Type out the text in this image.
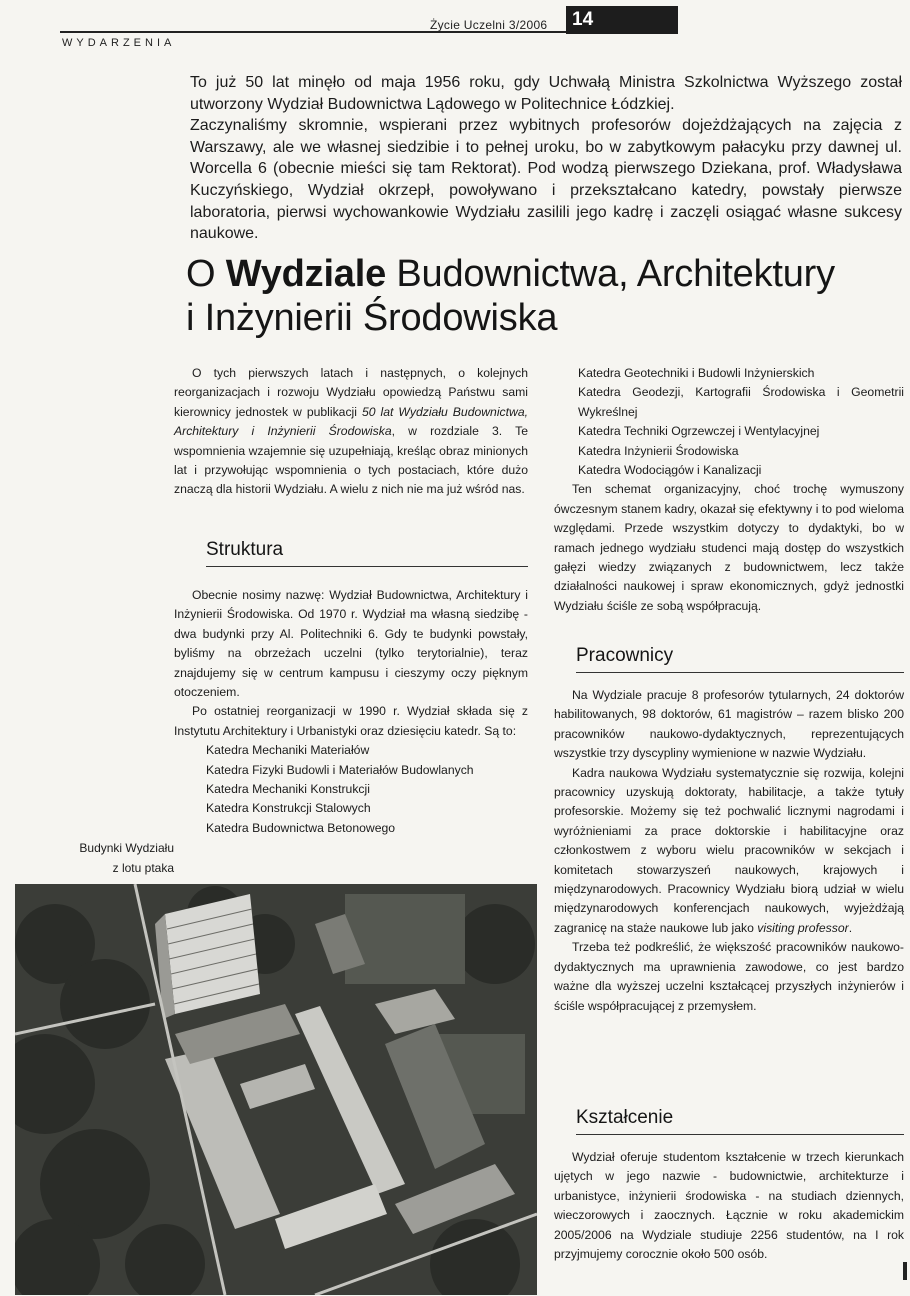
WYDARZENIA
Życie Uczelni 3/2006	14

To już 50 lat minęło od maja 1956 roku, gdy Uchwałą Ministra Szkolnictwa Wyższego został utworzony Wydział Budownictwa Lądowego w Politechnice Łódzkiej.

Zaczynaliśmy skromnie, wspierani przez wybitnych profesorów dojeżdżających na zajęcia z Warszawy, ale we własnej siedzibie i to pełnej uroku, bo w zabytkowym pałacyku przy dawnej ul. Worcella 6 (obecnie mieści się tam Rektorat). Pod wodzą pierwszego Dziekana, prof. Władysława Kuczyńskiego, Wydział okrzepł, powoływano i przekształcano katedry, powstały pierwsze laboratoria, pierwsi wychowankowie Wydziału zasilili jego kadrę i zaczęli osiągać własne sukcesy naukowe.

O Wydziale Budownictwa, Architektury
i Inżynierii Środowiska

O tych pierwszych latach i następnych, o kolejnych reorganizacjach i rozwoju Wydziału opowiedzą Państwu sami kierownicy jednostek w publikacji 50 lat Wydziału Budownictwa, Architektury i Inżynierii Środowiska, w rozdziale 3. Te wspomnienia wzajemnie się uzupełniają, kreśląc obraz minionych lat i przywołując wspomnienia o tych postaciach, które dużo znaczą dla historii Wydziału. A wielu z nich nie ma już wśród nas.

Struktura

Obecnie nosimy nazwę: Wydział Budownictwa, Architektury i Inżynierii Środowiska. Od 1970 r. Wydział ma własną siedzibę - dwa budynki przy Al. Politechniki 6. Gdy te budynki powstały, byliśmy na obrzeżach uczelni (tylko terytorialnie), teraz znajdujemy się w centrum kampusu i cieszymy oczy pięknym otoczeniem.

Po ostatniej reorganizacji w 1990 r. Wydział składa się z Instytutu Architektury i Urbanistyki oraz dziesięciu katedr. Są to:

Katedra Mechaniki Materiałów
Katedra Fizyki Budowli i Materiałów Budowlanych
Katedra Mechaniki Konstrukcji
Katedra Konstrukcji Stalowych
Katedra Budownictwa Betonowego
Budynki Wydziału
z lotu ptaka
Katedra Geotechniki i Budowli Inżynierskich
Katedra Geodezji, Kartografii Środowiska i Geometrii Wykreślnej
Katedra Techniki Ogrzewczej i Wentylacyjnej
Katedra Inżynierii Środowiska
Katedra Wodociągów i Kanalizacji

Ten schemat organizacyjny, choć trochę wymuszony ówczesnym stanem kadry, okazał się efektywny i to pod wieloma względami. Przede wszystkim dotyczy to dydaktyki, bo w ramach jednego wydziału studenci mają dostęp do wszystkich gałęzi wiedzy związanych z budownictwem, lecz także działalności naukowej i spraw ekonomicznych, gdyż jednostki Wydziału ściśle ze sobą współpracują.

Pracownicy

Na Wydziale pracuje 8 profesorów tytularnych, 24 doktorów habilitowanych, 98 doktorów, 61 magistrów – razem blisko 200 pracowników naukowo-dydaktycznych, reprezentujących wszystkie trzy dyscypliny wymienione w nazwie Wydziału.

Kadra naukowa Wydziału systematycznie się rozwija, kolejni pracownicy uzyskują doktoraty, habilitacje, a także tytuły profesorskie. Możemy się też pochwalić licznymi nagrodami i wyróżnieniami za prace doktorskie i habilitacyjne oraz członkostwem z wyboru wielu pracowników w sekcjach i komitetach stowarzyszeń naukowych, krajowych i międzynarodowych. Pracownicy Wydziału biorą udział w wielu międzynarodowych konferencjach naukowych, wyjeżdżają zagranicę na staże naukowe lub jako visiting professor.

Trzeba też podkreślić, że większość pracowników naukowo-dydaktycznych ma uprawnienia zawodowe, co jest bardzo ważne dla wyższej uczelni kształcącej przyszłych inżynierów i ściśle współpracującej z przemysłem.

Kształcenie

Wydział oferuje studentom kształcenie w trzech kierunkach ujętych w jego nazwie - budownictwie, architekturze i urbanistyce, inżynierii środowiska - na studiach dziennych, wieczorowych i zaocznych. Łącznie w roku akademickim 2005/2006 na Wydziale studiuje 2256 studentów, na I rok przyjmujemy corocznie około 500 osób.
